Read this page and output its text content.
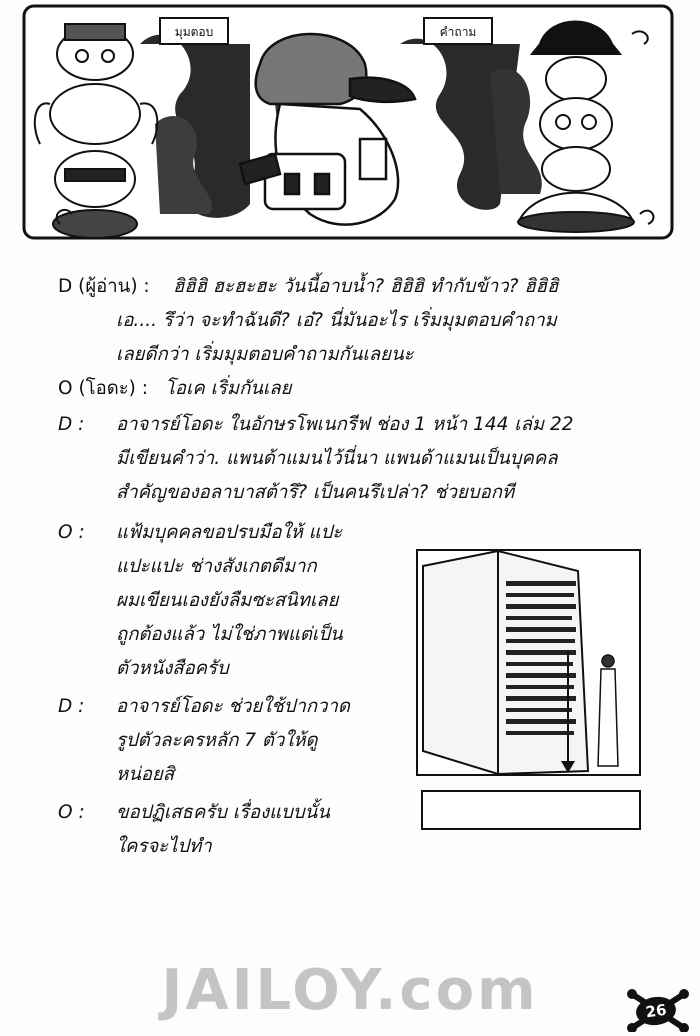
มุมตอบ	คำถาม
D (ผู้อ่าน) : ฮิฮิฮิ ฮะฮะฮะ วันนี้อาบน้ำ? ฮิฮิฮิ ทำกับข้าว? ฮิฮิฮิ
เอ.... รึว่า จะทำฉันดี? เอ๋? นี่มันอะไร เริ่มมุมตอบคำถาม
เลยดีกว่า เริ่มมุมตอบคำถามกันเลยนะ
O (โอดะ) : โอเค เริ่มกันเลย
D : อาจารย์โอดะ ในอักษรโพเนกรีฟ ช่อง 1 หน้า 144 เล่ม 22
มีเขียนคำว่า. แพนด้าแมนไว้นี่นา แพนด้าแมนเป็นบุคคล
สำคัญของอลาบาสต้ารึ? เป็นคนรึเปล่า? ช่วยบอกที
O : แฟ้มบุคคลขอปรบมือให้ แปะ
แปะแปะ ช่างสังเกตดีมาก
ผมเขียนเองยังลืมซะสนิทเลย
ถูกต้องแล้ว ไม่ใช่ภาพแต่เป็น
ตัวหนังสือครับ
D : อาจารย์โอดะ ช่วยใช้ปากวาด
รูปตัวละครหลัก 7 ตัวให้ดู
หน่อยสิ
O : ขอปฏิเสธครับ เรื่องแบบนั้น
ใครจะไปทำ
JAILOY.com	26
